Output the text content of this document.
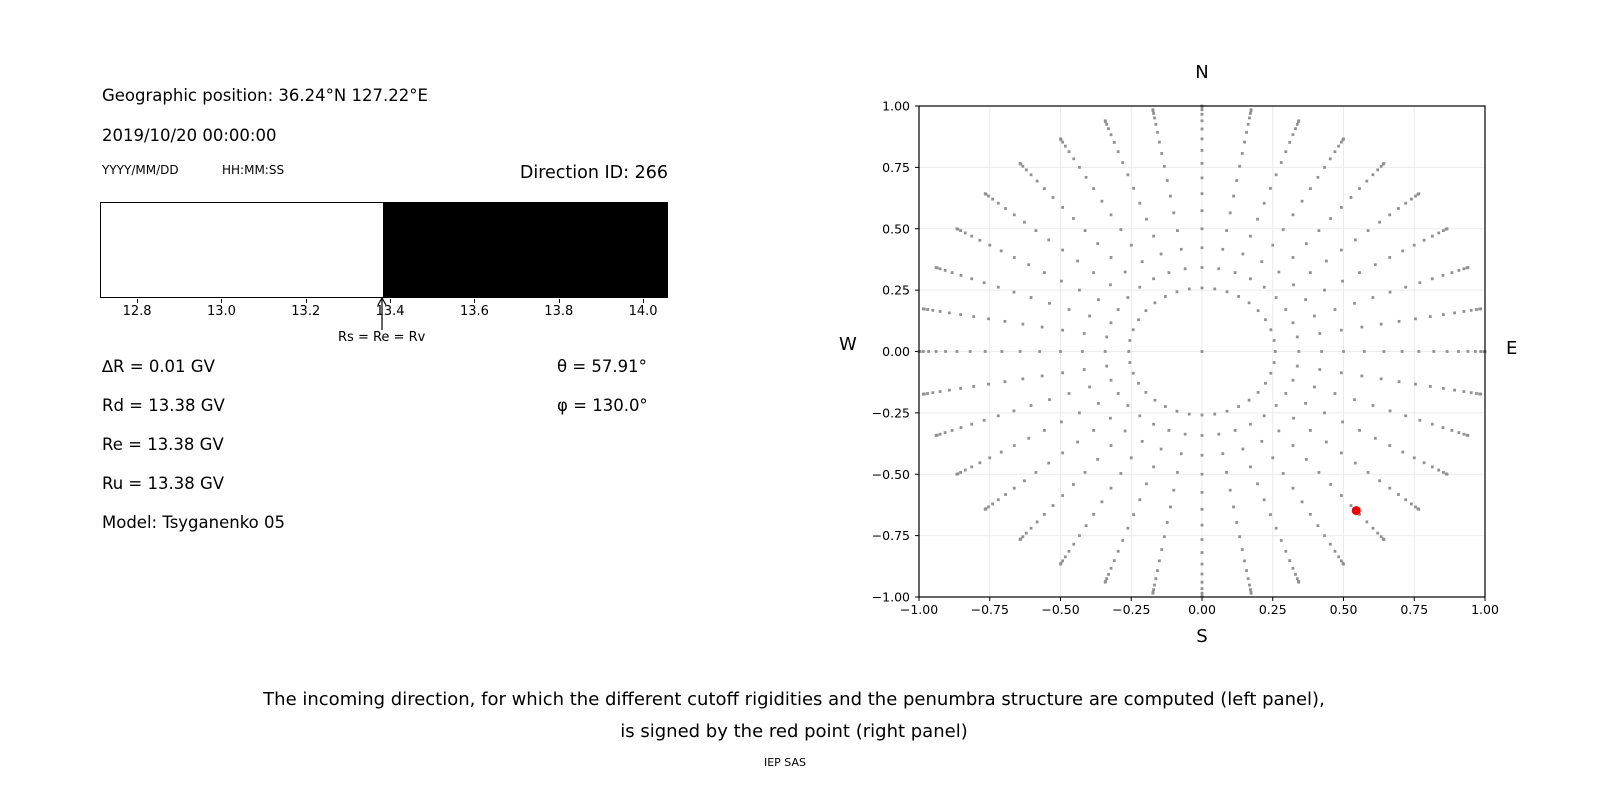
Geographic position: 36.24°N 127.22°E
2019/10/20 00:00:00
YYYY/MM/DD	HH:MM:SS	Direction ID: 266
12.8	13.0	13.2	13.4	13.6	13.8	14.0
Rs = Re = Rv
∆R = 0.01 GV	θ = 57.91°
Rd = 13.38 GV	φ = 130.0°
Re = 13.38 GV
Ru = 13.38 GV
Model: Tsyganenko 05
N
S
W	E
−1.00	−0.75	−0.50	−0.25	0.00	0.25	0.50	0.75	1.00
−1.00
−0.75
−0.50
−0.25
0.00
0.25
0.50
0.75
1.00
The incoming direction, for which the different cutoff rigidities and the penumbra structure are computed (left panel),
is signed by the red point (right panel)
IEP SAS
